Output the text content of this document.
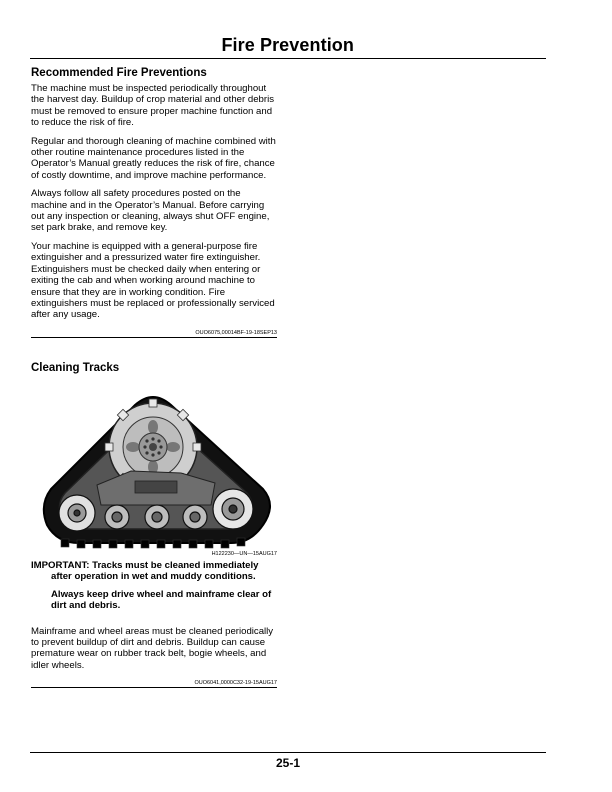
Fire Prevention
Recommended Fire Preventions

The machine must be inspected periodically throughout the harvest day. Buildup of crop material and other debris must be removed to ensure proper machine function and to reduce the risk of fire.

Regular and thorough cleaning of machine combined with other routine maintenance procedures listed in the Operator’s Manual greatly reduces the risk of fire, chance of costly downtime, and improve machine performance.

Always follow all safety procedures posted on the machine and in the Operator’s Manual. Before carrying out any inspection or cleaning, always shut OFF engine, set park brake, and remove key.

Your machine is equipped with a general-purpose fire extinguisher and a pressurized water fire extinguisher. Extinguishers must be checked daily when entering or exiting the cab and when working around machine to ensure that they are in working condition. Fire extinguishers must be replaced or professionally serviced after any usage.

OUO6075,00014BF-19-18SEP13
Cleaning Tracks
H122230—UN—15AUG17

IMPORTANT: Tracks must be cleaned immediately after operation in wet and muddy conditions.

Always keep drive wheel and mainframe clear of dirt and debris.

Mainframe and wheel areas must be cleaned periodically to prevent buildup of dirt and debris. Buildup can cause premature wear on rubber track belt, bogie wheels, and idler wheels.

OUO6041,0000C32-19-15AUG17
25-1
